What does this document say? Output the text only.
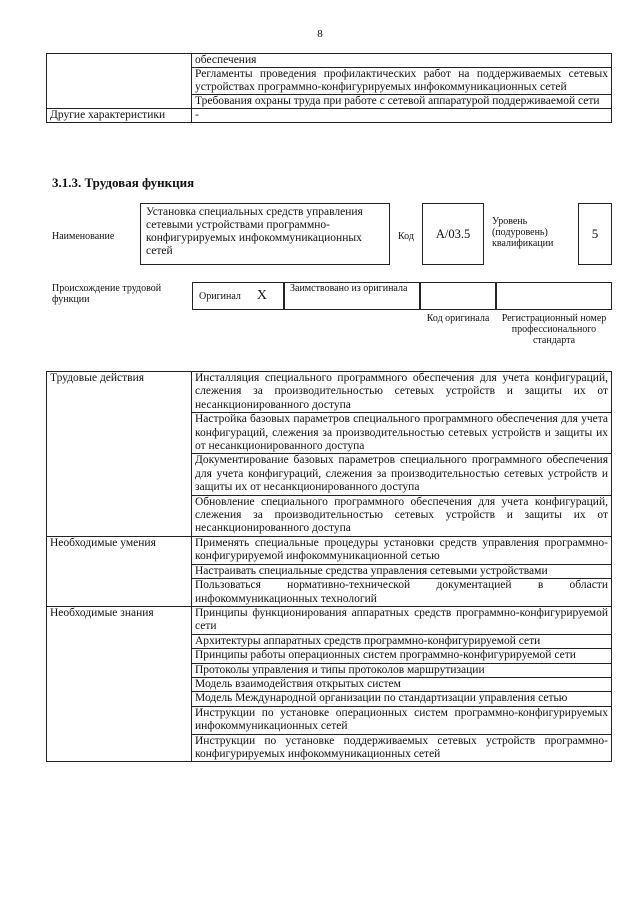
8
	обеспечения
	Регламенты проведения профилактических работ на поддерживаемых сетевых устройствах программно-конфигурируемых инфокоммуникационных сетей
	Требования охраны труда при работе с сетевой аппаратурой поддерживаемой сети
Другие характеристики	-
3.1.3. Трудовая функция
Наименование
Установка специальных средств управления сетевыми устройствами программно-конфигурируемых инфокоммуникационных сетей
Код	А/03.5
Уровень (подуровень) квалификации
5
Происхождение трудовой функции	Оригинал X	Заимствовано из оригинала
Код оригинала	Регистрационный номер профессионального стандарта
Трудовые действия	Инсталляция специального программного обеспечения для учета конфигураций, слежения за производительностью сетевых устройств и защиты их от несанкционированного доступа
	Настройка базовых параметров специального программного обеспечения для учета конфигураций, слежения за производительностью сетевых устройств и защиты их от несанкционированного доступа
	Документирование базовых параметров специального программного обеспечения для учета конфигураций, слежения за производительностью сетевых устройств и защиты их от несанкционированного доступа
	Обновление специального программного обеспечения для учета конфигураций, слежения за производительностью сетевых устройств и защиты их от несанкционированного доступа
Необходимые умения	Применять специальные процедуры установки средств управления программно-конфигурируемой инфокоммуникационной сетью
	Настраивать специальные средства управления сетевыми устройствами
	Пользоваться нормативно-технической документацией в области инфокоммуникационных технологий
Необходимые знания	Принципы функционирования аппаратных средств программно-конфигурируемой сети
	Архитектуры аппаратных средств программно-конфигурируемой сети
	Принципы работы операционных систем программно-конфигурируемой сети
	Протоколы управления и типы протоколов маршрутизации
	Модель взаимодействия открытых систем
	Модель Международной организации по стандартизации управления сетью
	Инструкции по установке операционных систем программно-конфигурируемых инфокоммуникационных сетей
	Инструкции по установке поддерживаемых сетевых устройств программно-конфигурируемых инфокоммуникационных сетей
